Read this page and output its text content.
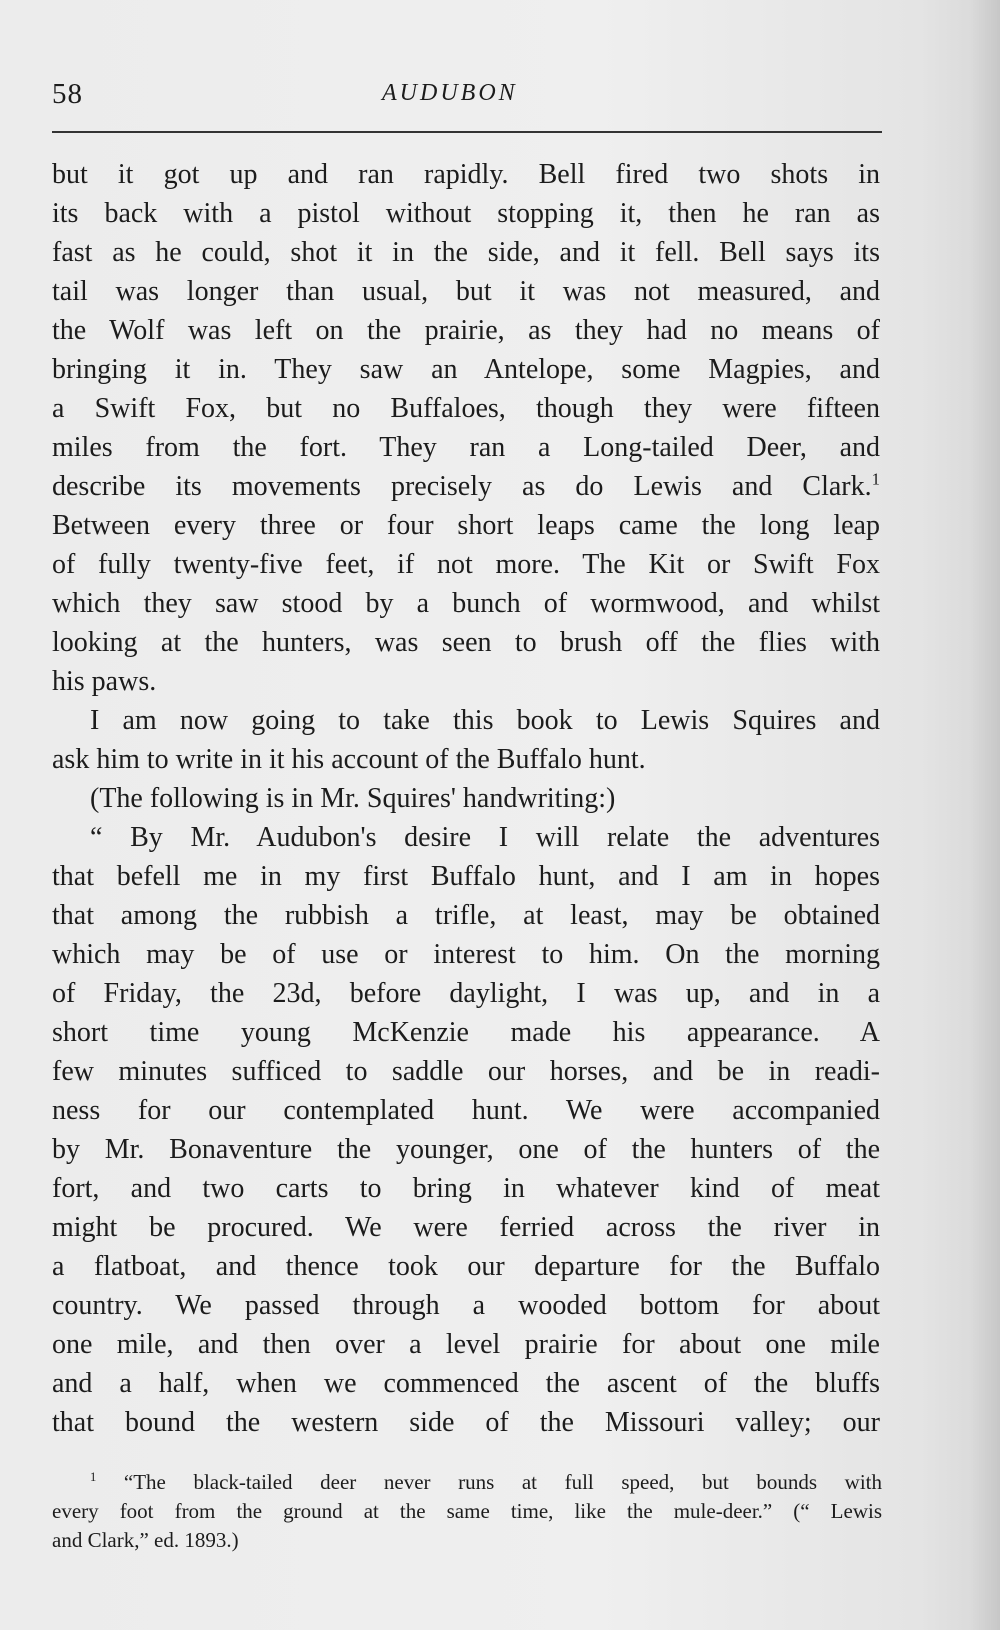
58	AUDUBON
but it got up and ran rapidly. Bell fired two shots in
its back with a pistol without stopping it, then he ran as
fast as he could, shot it in the side, and it fell. Bell says its
tail was longer than usual, but it was not measured, and
the Wolf was left on the prairie, as they had no means of
bringing it in. They saw an Antelope, some Magpies, and
a Swift Fox, but no Buffaloes, though they were fifteen
miles from the fort. They ran a Long-tailed Deer, and
describe its movements precisely as do Lewis and Clark.$^1$
Between every three or four short leaps came the long leap
of fully twenty-five feet, if not more. The Kit or Swift Fox
which they saw stood by a bunch of wormwood, and whilst
looking at the hunters, was seen to brush off the flies with
his paws.
I am now going to take this book to Lewis Squires and
ask him to write in it his account of the Buffalo hunt.
(The following is in Mr. Squires' handwriting:)
“ By Mr. Audubon's desire I will relate the adventures
that befell me in my first Buffalo hunt, and I am in hopes
that among the rubbish a trifle, at least, may be obtained
which may be of use or interest to him. On the morning
of Friday, the 23d, before daylight, I was up, and in a
short time young McKenzie made his appearance. A
few minutes sufficed to saddle our horses, and be in readi-
ness for our contemplated hunt. We were accompanied
by Mr. Bonaventure the younger, one of the hunters of the
fort, and two carts to bring in whatever kind of meat
might be procured. We were ferried across the river in
a flatboat, and thence took our departure for the Buffalo
country. We passed through a wooded bottom for about
one mile, and then over a level prairie for about one mile
and a half, when we commenced the ascent of the bluffs
that bound the western side of the Missouri valley; our
$^1$ “The black-tailed deer never runs at full speed, but bounds with
every foot from the ground at the same time, like the mule-deer.” (“ Lewis
and Clark,” ed. 1893.)
